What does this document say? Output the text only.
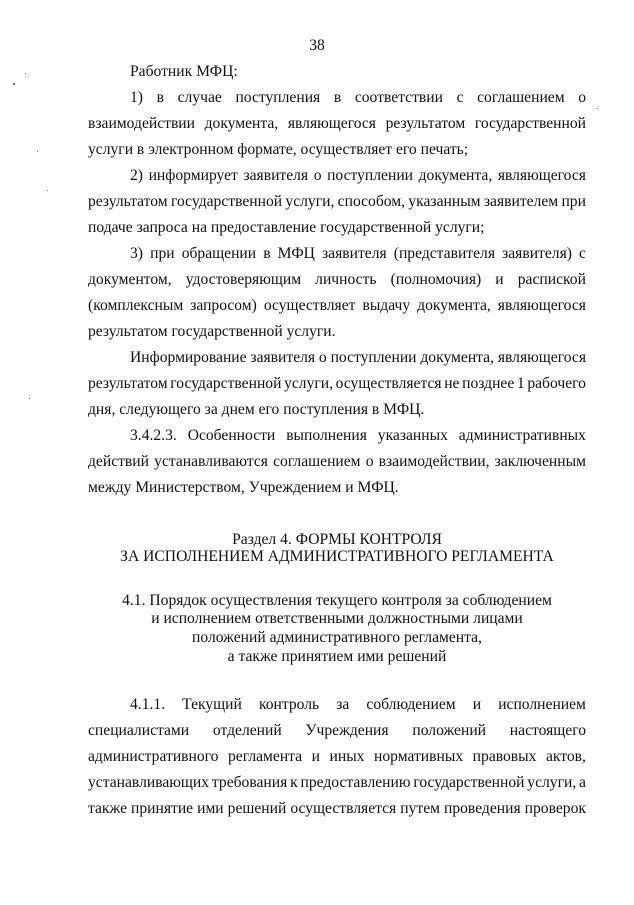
38
Работник МФЦ:
1) в случае поступления в соответствии с соглашением о
взаимодействии документа, являющегося результатом государственной
услуги в электронном формате, осуществляет его печать;
2) информирует заявителя о поступлении документа, являющегося
результатом государственной услуги, способом, указанным заявителем при
подаче запроса на предоставление государственной услуги;
3) при обращении в МФЦ заявителя (представителя заявителя) с
документом, удостоверяющим личность (полномочия) и распиской
(комплексным запросом) осуществляет выдачу документа, являющегося
результатом государственной услуги.
Информирование заявителя о поступлении документа, являющегося
результатом государственной услуги, осуществляется не позднее 1 рабочего
дня, следующего за днем его поступления в МФЦ.
3.4.2.3. Особенности выполнения указанных административных
действий устанавливаются соглашением о взаимодействии, заключенным
между Министерством, Учреждением и МФЦ.
Раздел 4. ФОРМЫ КОНТРОЛЯ
ЗА ИСПОЛНЕНИЕМ АДМИНИСТРАТИВНОГО РЕГЛАМЕНТА
4.1. Порядок осуществления текущего контроля за соблюдением
и исполнением ответственными должностными лицами
положений административного регламента,
а также принятием ими решений
4.1.1. Текущий контроль за соблюдением и исполнением
специалистами отделений Учреждения положений настоящего
административного регламента и иных нормативных правовых актов,
устанавливающих требования к предоставлению государственной услуги, а
также принятие ими решений осуществляется путем проведения проверок
